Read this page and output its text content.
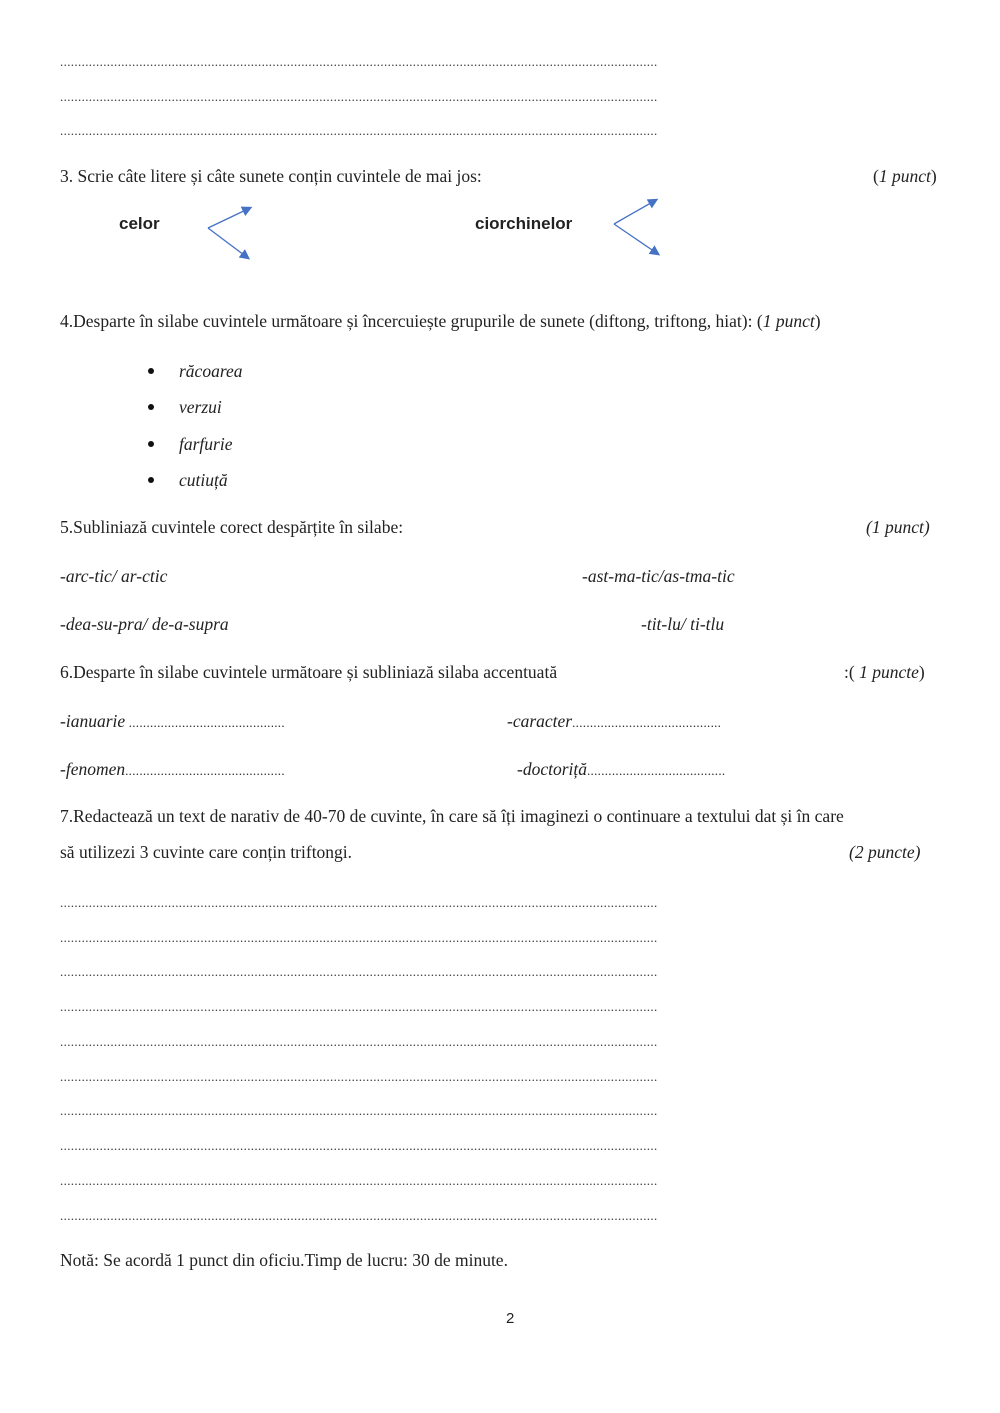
......................................................................................................................................................................
......................................................................................................................................................................
......................................................................................................................................................................
3. Scrie câte litere și câte sunete conțin cuvintele de mai jos:	(1 punct)
celor	ciorchinelor
4.Desparte în silabe cuvintele următoare și încercuiește grupurile de sunete (diftong, triftong, hiat): (1 punct)
răcoarea
verzui
farfurie
cutiuță
5.Subliniază cuvintele corect despărțite în silabe:	(1 punct)
-arc-tic/ ar-ctic	-ast-ma-tic/as-tma-tic
-dea-su-pra/ de-a-supra	-tit-lu/ ti-tlu
6.Desparte în silabe cuvintele următoare și subliniază silaba accentuată	:( 1 puncte)
-ianuarie ............................................	-caracter..........................................
-fenomen.............................................	-doctoriță.......................................
7.Redactează un text de narativ de 40-70 de cuvinte, în care să îți imaginezi o continuare a textului dat și în care
să utilizezi 3 cuvinte care conțin triftongi.	(2 puncte)
......................................................................................................................................................................
......................................................................................................................................................................
......................................................................................................................................................................
......................................................................................................................................................................
......................................................................................................................................................................
......................................................................................................................................................................
......................................................................................................................................................................
......................................................................................................................................................................
......................................................................................................................................................................
......................................................................................................................................................................
Notă: Se acordă 1 punct din oficiu.Timp de lucru: 30 de minute.
2
